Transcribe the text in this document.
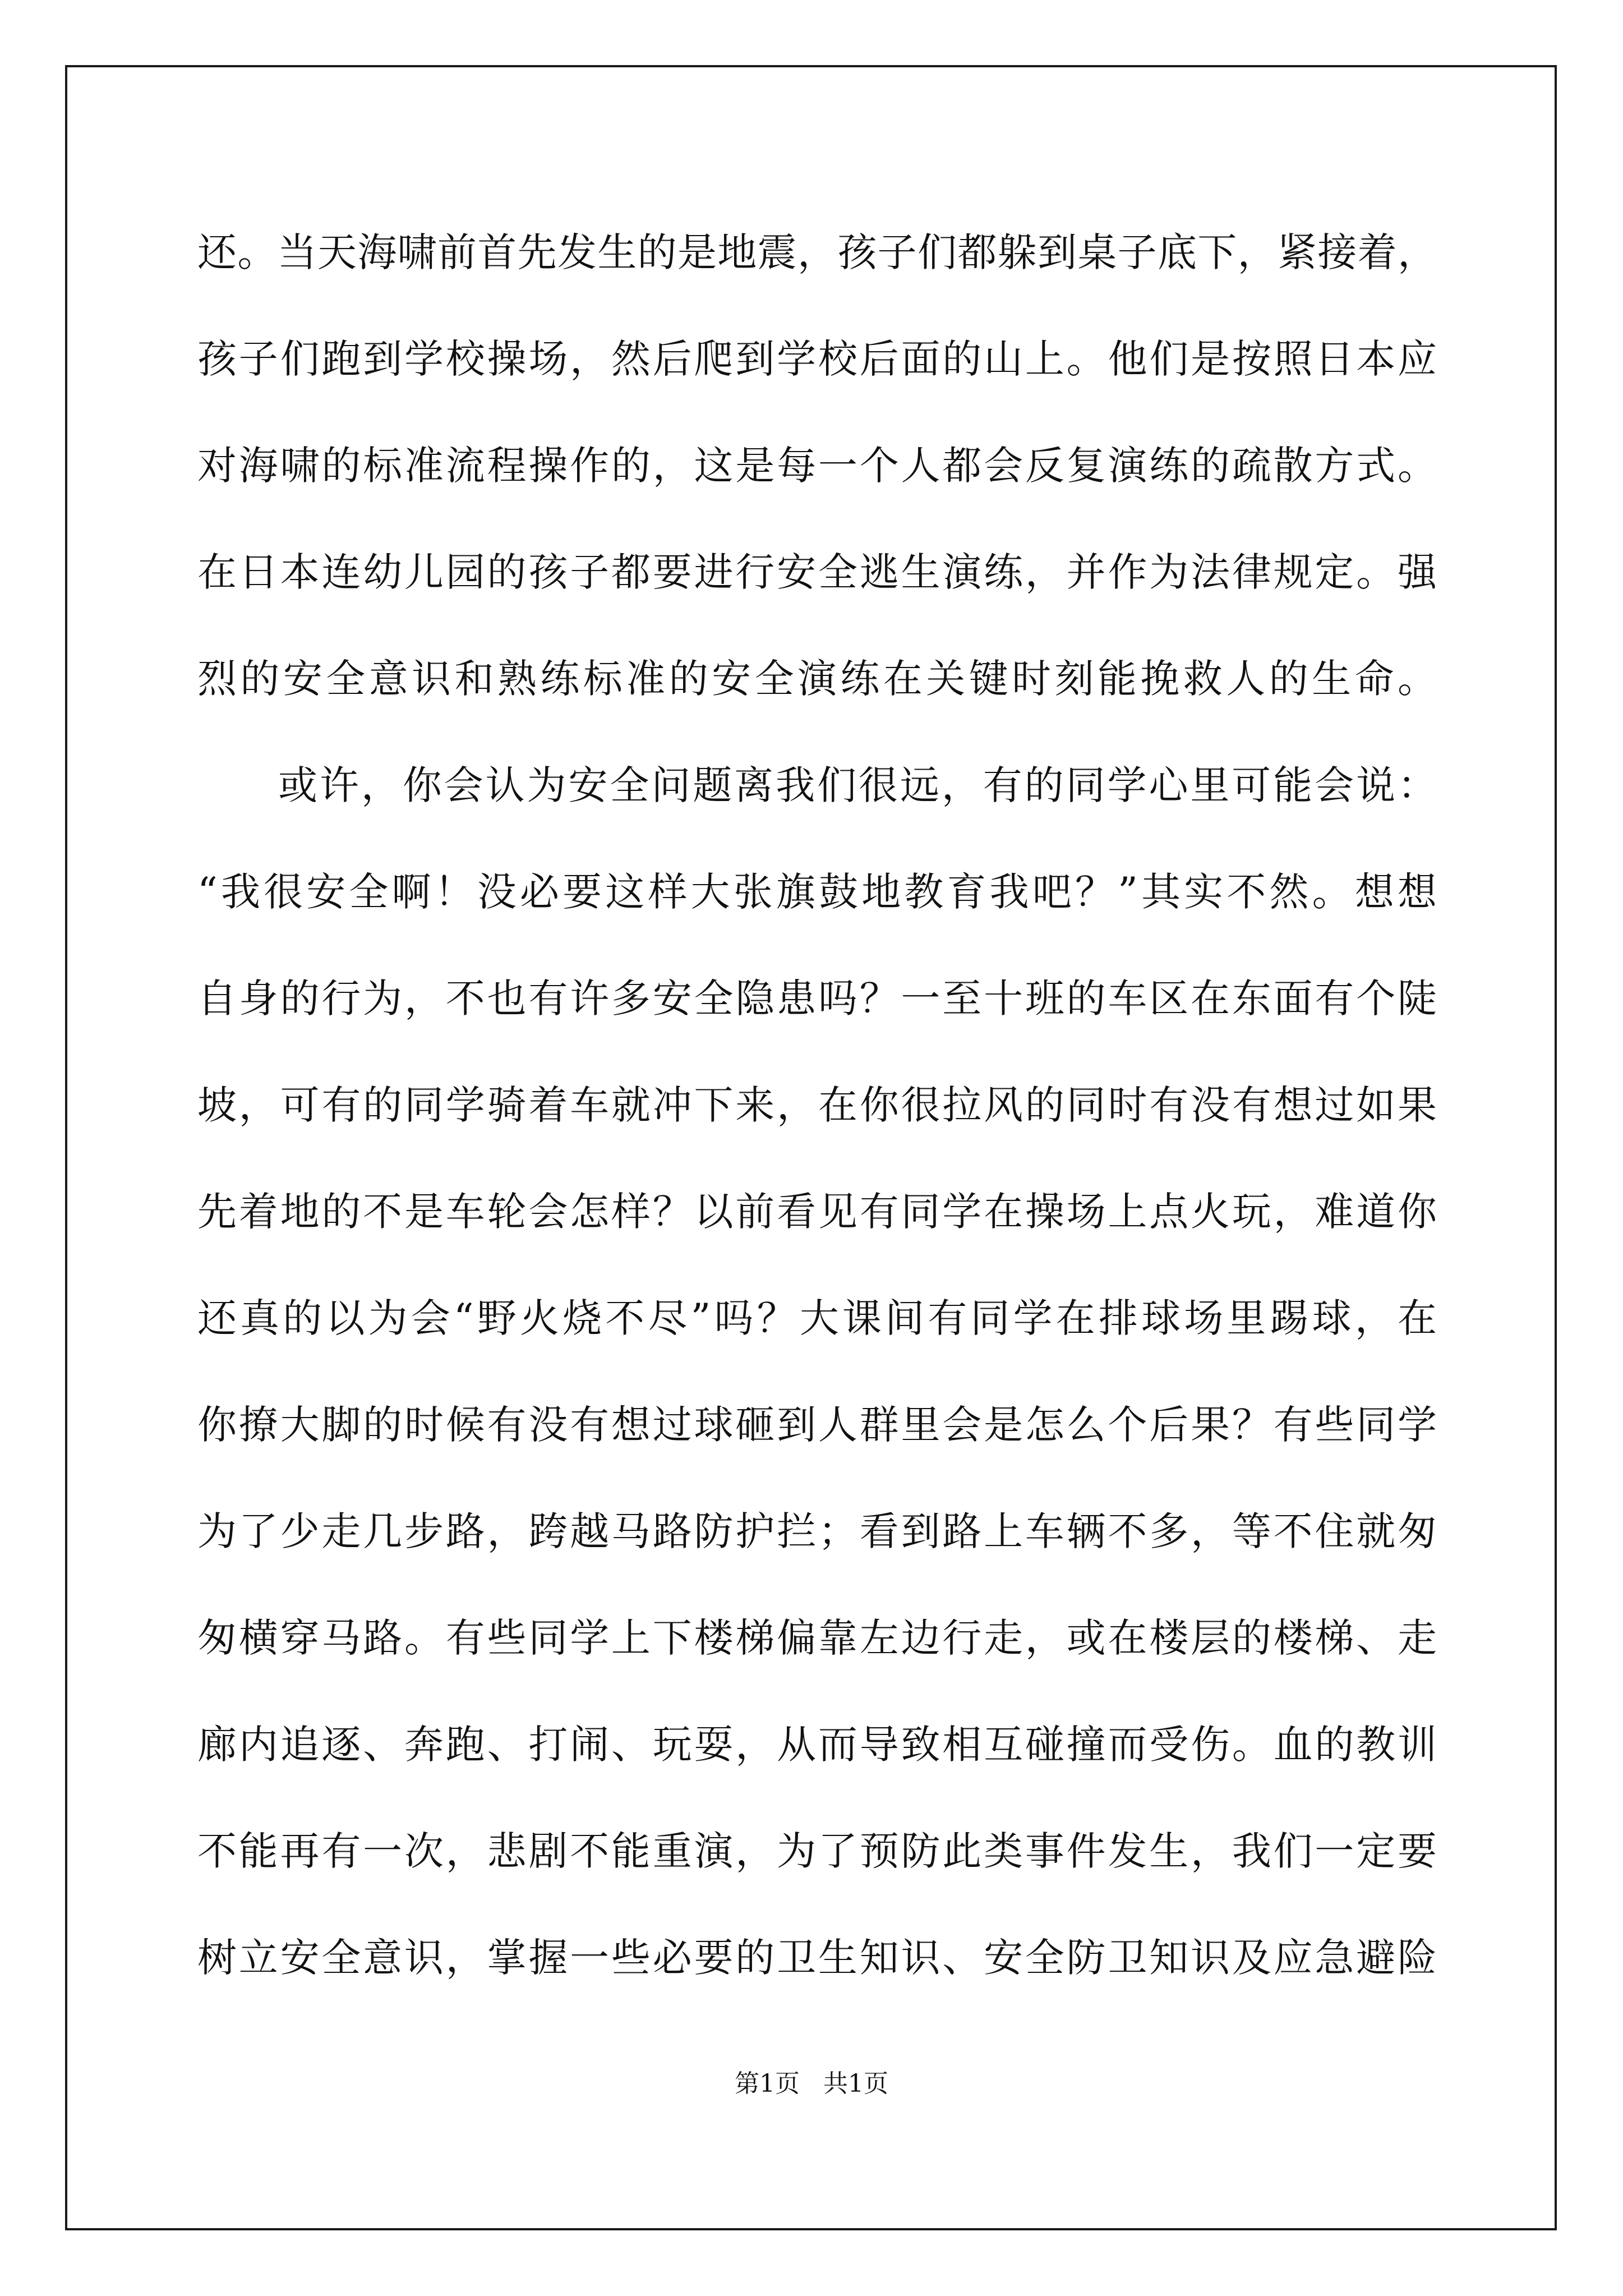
还。当天海啸前首先发生的是地震，孩子们都躲到桌子底下，紧接着，
孩子们跑到学校操场，然后爬到学校后面的山上。他们是按照日本应
对海啸的标准流程操作的，这是每一个人都会反复演练的疏散方式。
在日本连幼儿园的孩子都要进行安全逃生演练，并作为法律规定。强
烈的安全意识和熟练标准的安全演练在关键时刻能挽救人的生命。
或许，你会认为安全问题离我们很远，有的同学心里可能会说：
“我很安全啊！没必要这样大张旗鼓地教育我吧？”其实不然。想想
自身的行为，不也有许多安全隐患吗？一至十班的车区在东面有个陡
坡，可有的同学骑着车就冲下来，在你很拉风的同时有没有想过如果
先着地的不是车轮会怎样？以前看见有同学在操场上点火玩，难道你
还真的以为会“野火烧不尽”吗？大课间有同学在排球场里踢球，在
你撩大脚的时候有没有想过球砸到人群里会是怎么个后果？有些同学
为了少走几步路，跨越马路防护拦；看到路上车辆不多，等不住就匆
匆横穿马路。有些同学上下楼梯偏靠左边行走，或在楼层的楼梯、走
廊内追逐、奔跑、打闹、玩耍，从而导致相互碰撞而受伤。血的教训
不能再有一次，悲剧不能重演，为了预防此类事件发生，我们一定要
树立安全意识，掌握一些必要的卫生知识、安全防卫知识及应急避险
第1页   共1页
